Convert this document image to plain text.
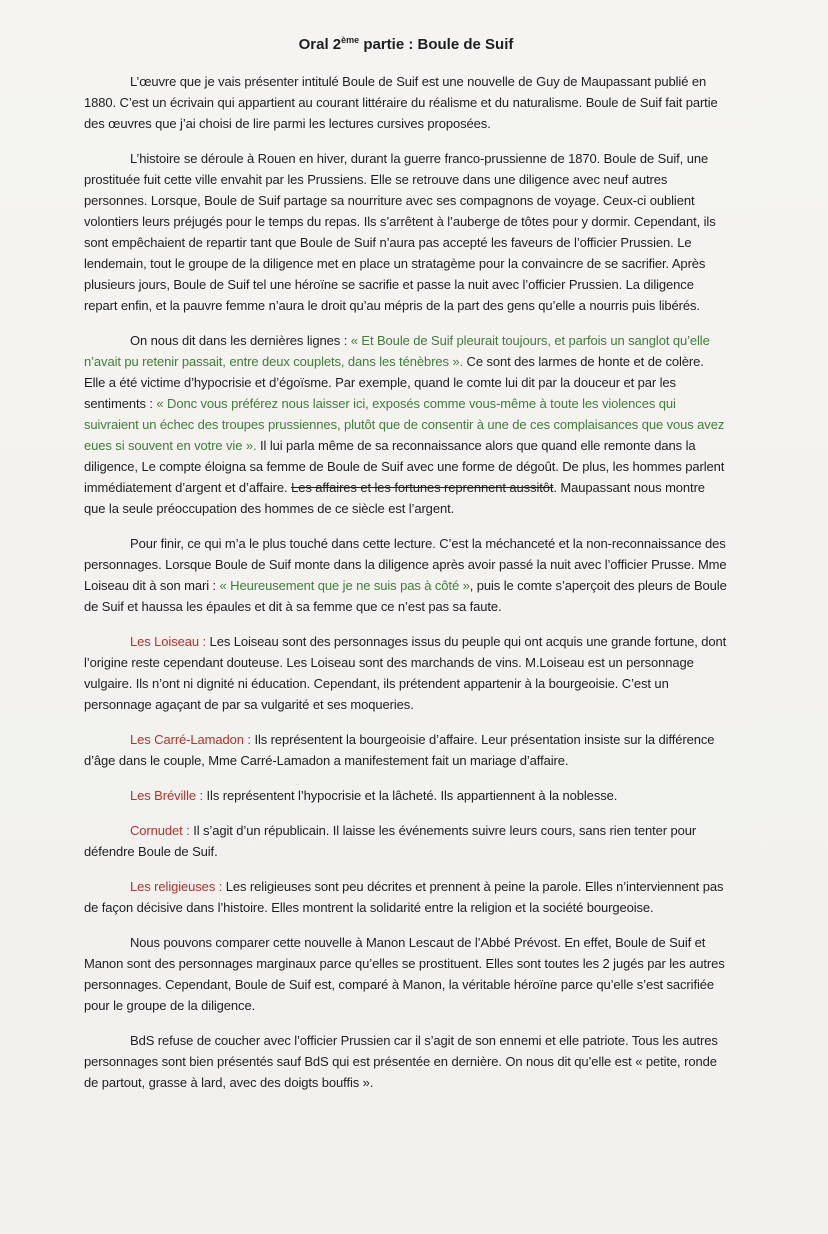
Oral 2ème partie : Boule de Suif

L’œuvre que je vais présenter intitulé Boule de Suif est une nouvelle de Guy de Maupassant publié en 1880. C’est un écrivain qui appartient au courant littéraire du réalisme et du naturalisme. Boule de Suif fait partie des œuvres que j’ai choisi de lire parmi les lectures cursives proposées.

L’histoire se déroule à Rouen en hiver, durant la guerre franco-prussienne de 1870. Boule de Suif, une prostituée fuit cette ville envahit par les Prussiens. Elle se retrouve dans une diligence avec neuf autres personnes. Lorsque, Boule de Suif partage sa nourriture avec ses compagnons de voyage. Ceux-ci oublient volontiers leurs préjugés pour le temps du repas. Ils s’arrêtent à l’auberge de tôtes pour y dormir. Cependant, ils sont empêchaient de repartir tant que Boule de Suif n’aura pas accepté les faveurs de l’officier Prussien. Le lendemain, tout le groupe de la diligence met en place un stratagème pour la convaincre de se sacrifier. Après plusieurs jours, Boule de Suif tel une héroïne se sacrifie et passe la nuit avec l’officier Prussien. La diligence repart enfin, et la pauvre femme n’aura le droit qu’au mépris de la part des gens qu’elle a nourris puis libérés.

On nous dit dans les dernières lignes : « Et Boule de Suif pleurait toujours, et parfois un sanglot qu’elle n’avait pu retenir passait, entre deux couplets, dans les ténèbres ». Ce sont des larmes de honte et de colère. Elle a été victime d’hypocrisie et d’égoïsme. Par exemple, quand le comte lui dit par la douceur et par les sentiments : « Donc vous préférez nous laisser ici, exposés comme vous-même à toute les violences qui suivraient un échec des troupes prussiennes, plutôt que de consentir à une de ces complaisances que vous avez eues si souvent en votre vie ». Il lui parla même de sa reconnaissance alors que quand elle remonte dans la diligence, Le compte éloigna sa femme de Boule de Suif avec une forme de dégoût. De plus, les hommes parlent immédiatement d’argent et d’affaire. Les affaires et les fortunes reprennent aussitôt. Maupassant nous montre que la seule préoccupation des hommes de ce siècle est l’argent.

Pour finir, ce qui m’a le plus touché dans cette lecture. C’est la méchanceté et la non-reconnaissance des personnages. Lorsque Boule de Suif monte dans la diligence après avoir passé la nuit avec l’officier Prusse. Mme Loiseau dit à son mari : « Heureusement que je ne suis pas à côté », puis le comte s’aperçoit des pleurs de Boule de Suif et haussa les épaules et dit à sa femme que ce n’est pas sa faute.

Les Loiseau : Les Loiseau sont des personnages issus du peuple qui ont acquis une grande fortune, dont l’origine reste cependant douteuse. Les Loiseau sont des marchands de vins. M.Loiseau est un personnage vulgaire. Ils n’ont ni dignité ni éducation. Cependant, ils prétendent appartenir à la bourgeoisie. C’est un personnage agaçant de par sa vulgarité et ses moqueries.

Les Carré-Lamadon : Ils représentent la bourgeoisie d’affaire. Leur présentation insiste sur la différence d’âge dans le couple, Mme Carré-Lamadon a manifestement fait un mariage d’affaire.

Les Bréville : Ils représentent l’hypocrisie et la lâcheté. Ils appartiennent à la noblesse.

Cornudet : Il s’agit d’un républicain. Il laisse les événements suivre leurs cours, sans rien tenter pour défendre Boule de Suif.

Les religieuses : Les religieuses sont peu décrites et prennent à peine la parole. Elles n’interviennent pas de façon décisive dans l’histoire. Elles montrent la solidarité entre la religion et la société bourgeoise.

Nous pouvons comparer cette nouvelle à Manon Lescaut de l’Abbé Prévost. En effet, Boule de Suif et Manon sont des personnages marginaux parce qu’elles se prostituent. Elles sont toutes les 2 jugés par les autres personnages. Cependant, Boule de Suif est, comparé à Manon, la véritable héroïne parce qu’elle s’est sacrifiée pour le groupe de la diligence.

BdS refuse de coucher avec l’officier Prussien car il s’agit de son ennemi et elle patriote. Tous les autres personnages sont bien présentés sauf BdS qui est présentée en dernière. On nous dit qu’elle est « petite, ronde de partout, grasse à lard, avec des doigts bouffis ».
